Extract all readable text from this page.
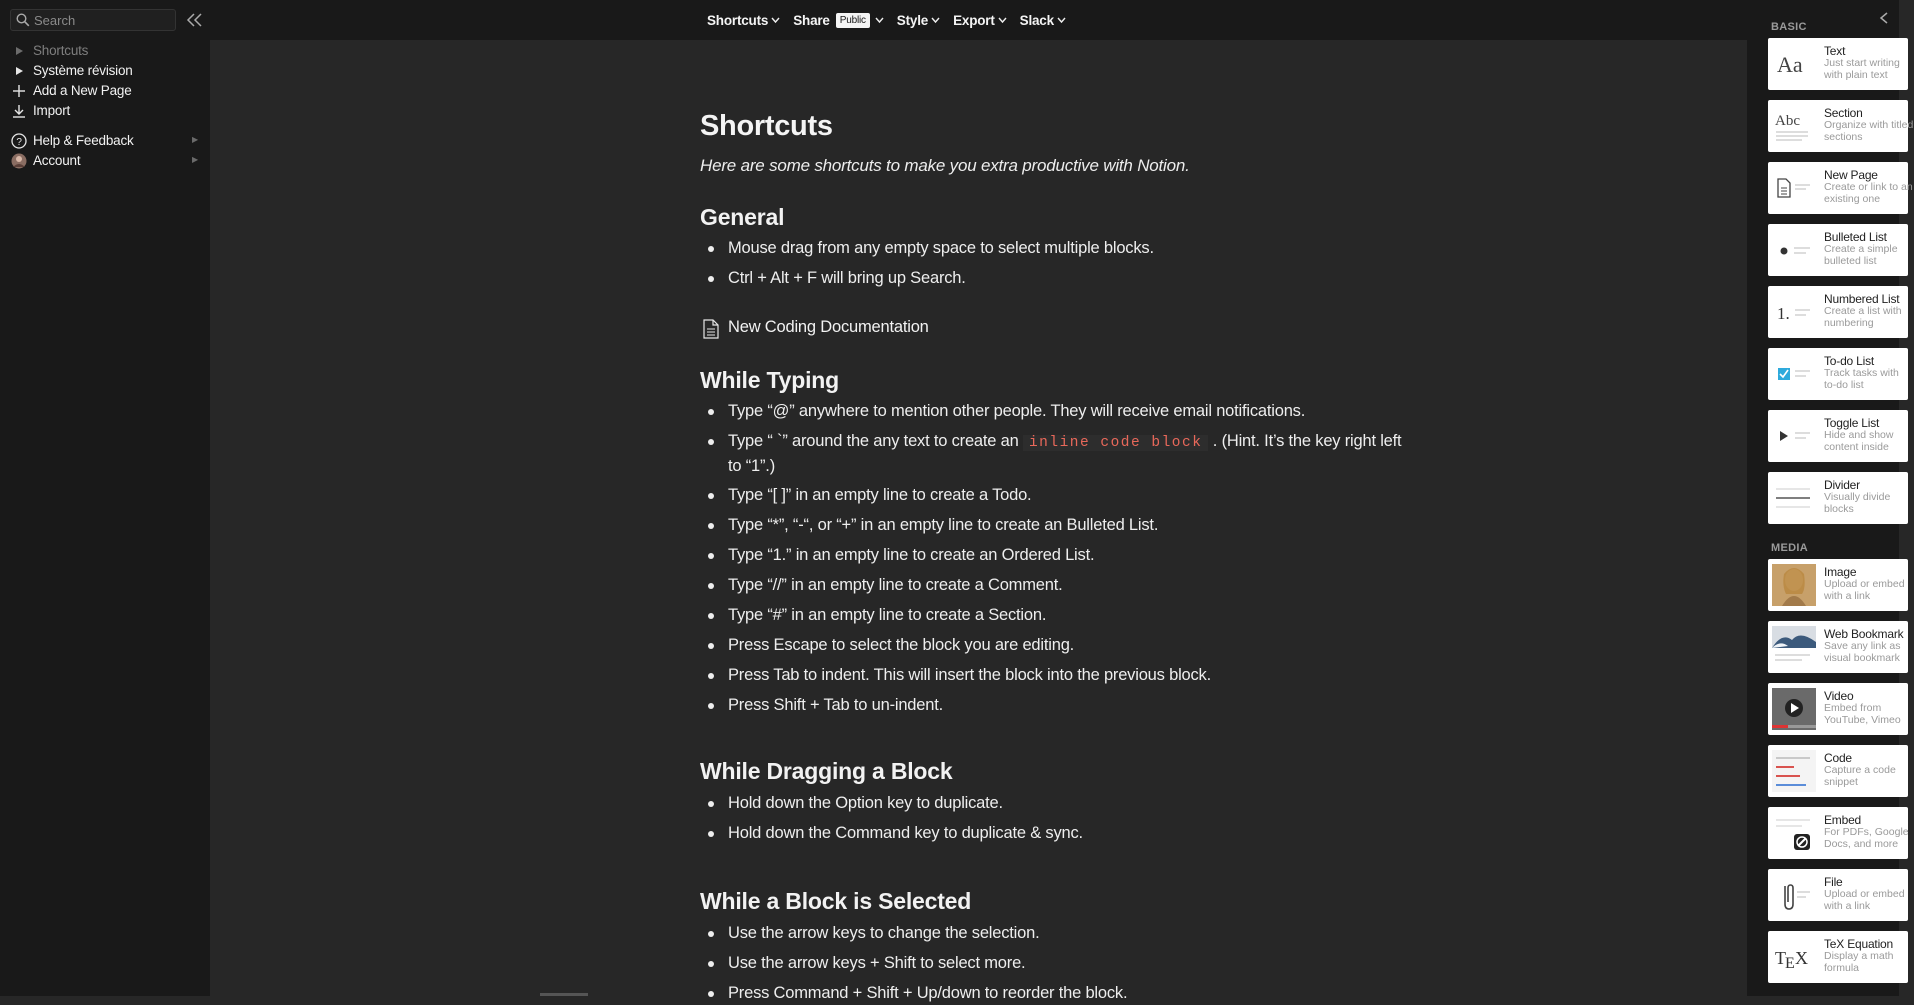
Search
Shortcuts
Système révision
Add a New Page
Import
? Help & Feedback	▶
Account	▶
Shortcuts Share	Public Style Export Slack
Shortcuts
Here are some shortcuts to make you extra productive with Notion.
General
Mouse drag from any empty space to select multiple blocks.
Ctrl + Alt + F will bring up Search.
New Coding Documentation
While Typing
Type “@” anywhere to mention other people. They will receive email notifications.
Type “ `” around the any text to create an inline code block . (Hint. It’s the key right left to “1”.)
Type “[ ]” in an empty line to create a Todo.
Type “*”, “-“, or “+” in an empty line to create an Bulleted List.
Type “1.” in an empty line to create an Ordered List.
Type “//” in an empty line to create a Comment.
Type “#” in an empty line to create a Section.
Press Escape to select the block you are editing.
Press Tab to indent. This will insert the block into the previous block.
Press Shift + Tab to un-indent.
While Dragging a Block
Hold down the Option key to duplicate.
Hold down the Command key to duplicate & sync.
While a Block is Selected
Use the arrow keys to change the selection.
Use the arrow keys + Shift to select more.
Press Command + Shift + Up/down to reorder the block.
BASIC
Aa
Text
Just start writing with plain text
Abc Section
Organize with titled sections
New Page
Create or link to an existing one
Bulleted List
Create a simple bulleted list
1.
Numbered List
Create a list with numbering
To-do List
Track tasks with to-do list
Toggle List
Hide and show content inside
Divider
Visually divide blocks
MEDIA
Image
Upload or embed with a link
Web Bookmark
Save any link as visual bookmark
Video
Embed from YouTube, Vimeo
Code
Capture a code snippet
Embed
For PDFs, Google Docs, and more
File
Upload or embed with a link
T E X
TeX Equation
Display a math formula
